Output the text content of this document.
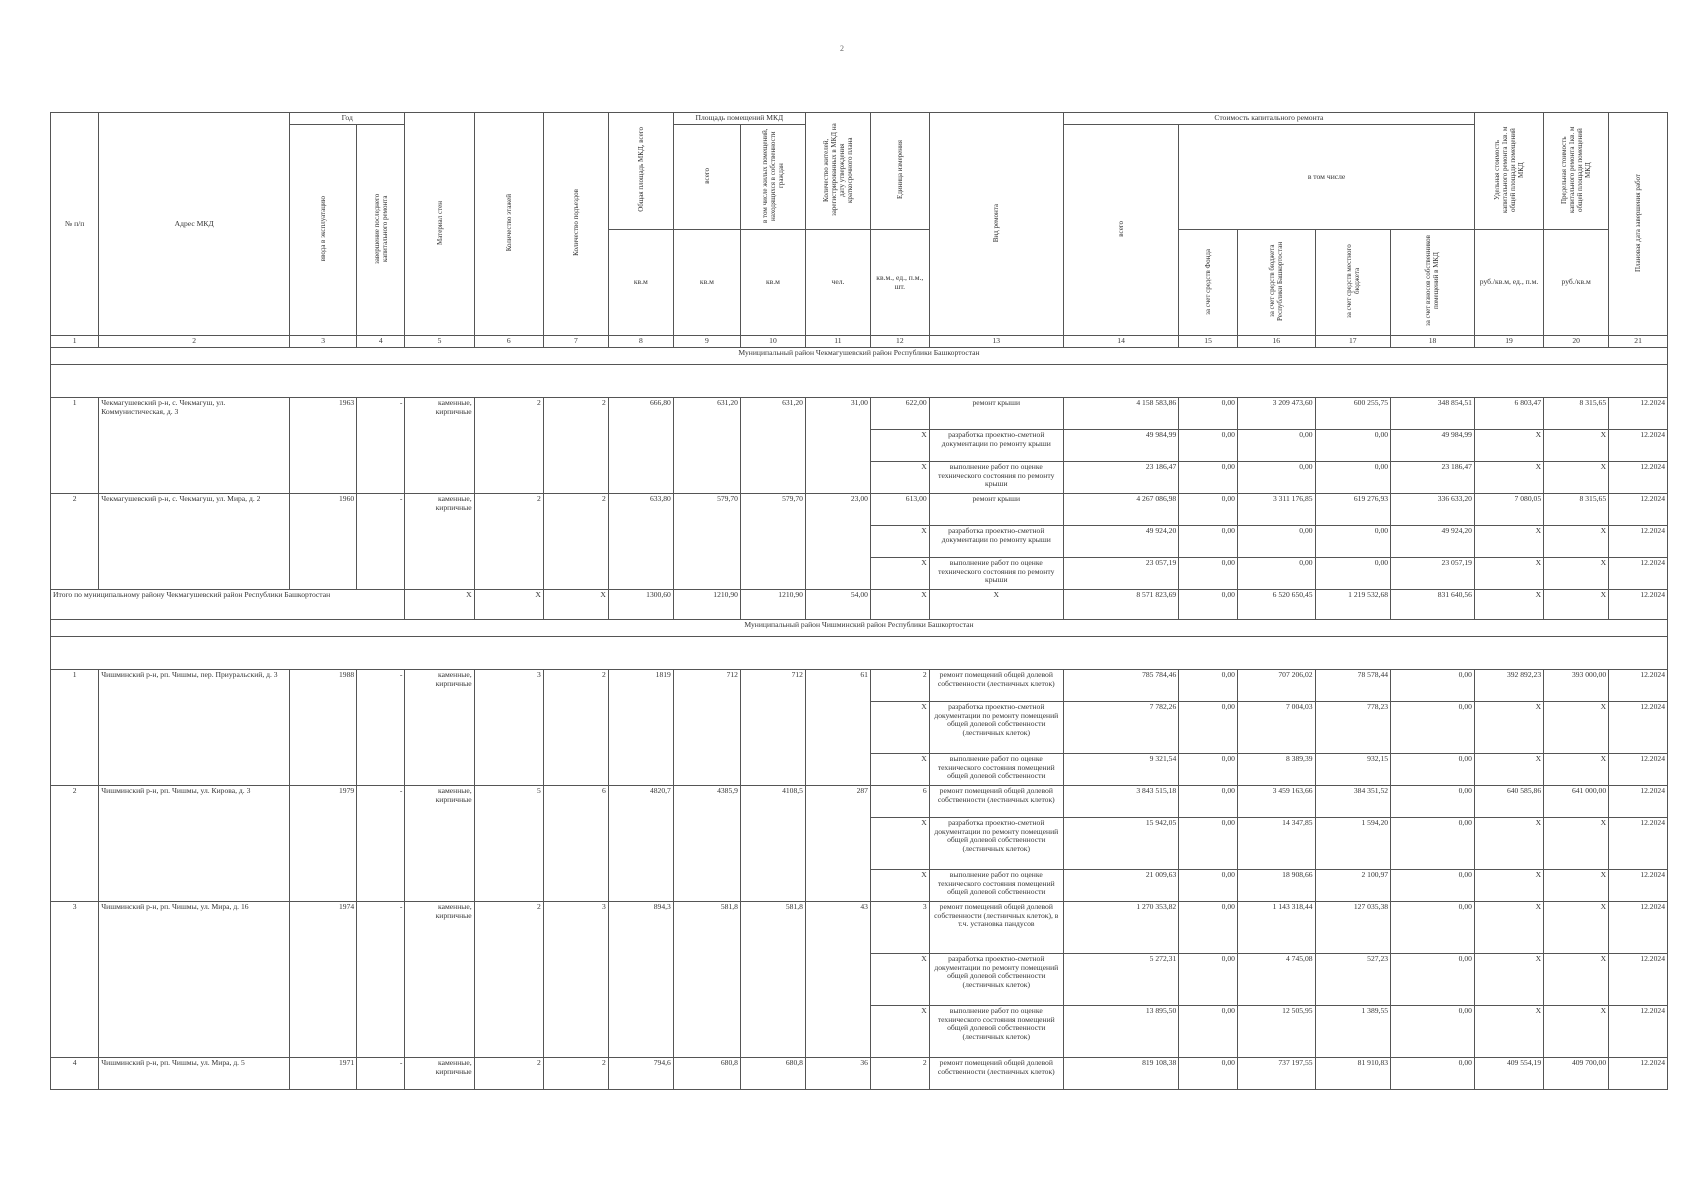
2
№ п/п	Адрес МКД	Год		Материал стен	Количество этажей	Количество подъездов	Общая площадь МКД, всего	Площадь помещений МКД		Количество жителей, зарегистрированных в МКД на дату утверждения краткосрочного плана	Единица измерения	Вид ремонта	Стоимость капитального ремонта					Удельная стоимость капитального ремонта 1кв. м общей площади помещений МКД	Предельная стоимость капитального ремонта 1кв. м общей площади помещений МКД	Плановая дата завершения работ
		ввода в эксплуатацию	завершение последнего капитального ремонта					всего	в том числе жилых помещений, находящихся в собственности граждан				всего	в том числе						
							кв.м	кв.м	кв.м	чел.	кв.м., ед., п.м., шт.			за счет средств Фонда	за счет средств бюджета Республики Башкортостан	за счет средств местного бюджета	за счет взносов собственников помещений в МКД	руб./кв.м, ед., п.м.	руб./кв.м	
1	2	3	4	5	6	7	8	9	10	11	12	13	14	15	16	17	18	19	20	21
Муниципальный район Чекмагушевский район Республики Башкортостан																				

1	Чекмагушевский р-н, с. Чекмагуш, ул. Коммунистическая, д. 3	1963	-	каменные, кирпичные	2	2	666,80	631,20	631,20	31,00	622,00	ремонт крыши	4 158 583,86	0,00	3 209 473,60	600 255,75	348 854,51	6 803,47	8 315,65	12.2024
											X	разработка проектно-сметной документации по ремонту крыши	49 984,99	0,00	0,00	0,00	49 984,99	X	X	12.2024
											X	выполнение работ по оценке технического состояния по ремонту крыши	23 186,47	0,00	0,00	0,00	23 186,47	X	X	12.2024
2	Чекмагушевский р-н, с. Чекмагуш, ул. Мира, д. 2	1960	-	каменные, кирпичные	2	2	633,80	579,70	579,70	23,00	613,00	ремонт крыши	4 267 086,98	0,00	3 311 176,85	619 276,93	336 633,20	7 080,05	8 315,65	12.2024
											X	разработка проектно-сметной документации по ремонту крыши	49 924,20	0,00	0,00	0,00	49 924,20	X	X	12.2024
											X	выполнение работ по оценке технического состояния по ремонту крыши	23 057,19	0,00	0,00	0,00	23 057,19	X	X	12.2024
Итого по муниципальному району Чекмагушевский район Республики Башкортостан				X	X	X	1300,60	1210,90	1210,90	54,00	X	X	8 571 823,69	0,00	6 520 650,45	1 219 532,68	831 640,56	X	X	12.2024
Муниципальный район Чишминский район Республики Башкортостан																				

1	Чишминский р-н, рп. Чишмы, пер. Приуральский, д. 3	1988	-	каменные, кирпичные	3	2	1819	712	712	61	2	ремонт помещений общей долевой собственности (лестничных клеток)	785 784,46	0,00	707 206,02	78 578,44	0,00	392 892,23	393 000,00	12.2024
											X	разработка проектно-сметной документации по ремонту помещений общей долевой собственности (лестничных клеток)	7 782,26	0,00	7 004,03	778,23	0,00	X	X	12.2024
											X	выполнение работ по оценке технического состояния помещений общей долевой собственности	9 321,54	0,00	8 389,39	932,15	0,00	X	X	12.2024
2	Чишминский р-н, рп. Чишмы, ул. Кирова, д. 3	1979	-	каменные, кирпичные	5	6	4820,7	4385,9	4108,5	287	6	ремонт помещений общей долевой собственности (лестничных клеток)	3 843 515,18	0,00	3 459 163,66	384 351,52	0,00	640 585,86	641 000,00	12.2024
											X	разработка проектно-сметной документации по ремонту помещений общей долевой собственности (лестничных клеток)	15 942,05	0,00	14 347,85	1 594,20	0,00	X	X	12.2024
											X	выполнение работ по оценке технического состояния помещений общей долевой собственности	21 009,63	0,00	18 908,66	2 100,97	0,00	X	X	12.2024
3	Чишминский р-н, рп. Чишмы, ул. Мира, д. 16	1974	-	каменные, кирпичные	2	3	894,3	581,8	581,8	43	3	ремонт помещений общей долевой собственности (лестничных клеток), в т.ч. установка пандусов	1 270 353,82	0,00	1 143 318,44	127 035,38	0,00	X	X	12.2024
											X	разработка проектно-сметной документации по ремонту помещений общей долевой собственности (лестничных клеток)	5 272,31	0,00	4 745,08	527,23	0,00	X	X	12.2024
											X	выполнение работ по оценке технического состояния помещений общей долевой собственности (лестничных клеток)	13 895,50	0,00	12 505,95	1 389,55	0,00	X	X	12.2024
4	Чишминский р-н, рп. Чишмы, ул. Мира, д. 5	1971	-	каменные, кирпичные	2	2	794,6	680,8	680,8	36	2	ремонт помещений общей долевой собственности (лестничных клеток)	819 108,38	0,00	737 197,55	81 910,83	0,00	409 554,19	409 700,00	12.2024
